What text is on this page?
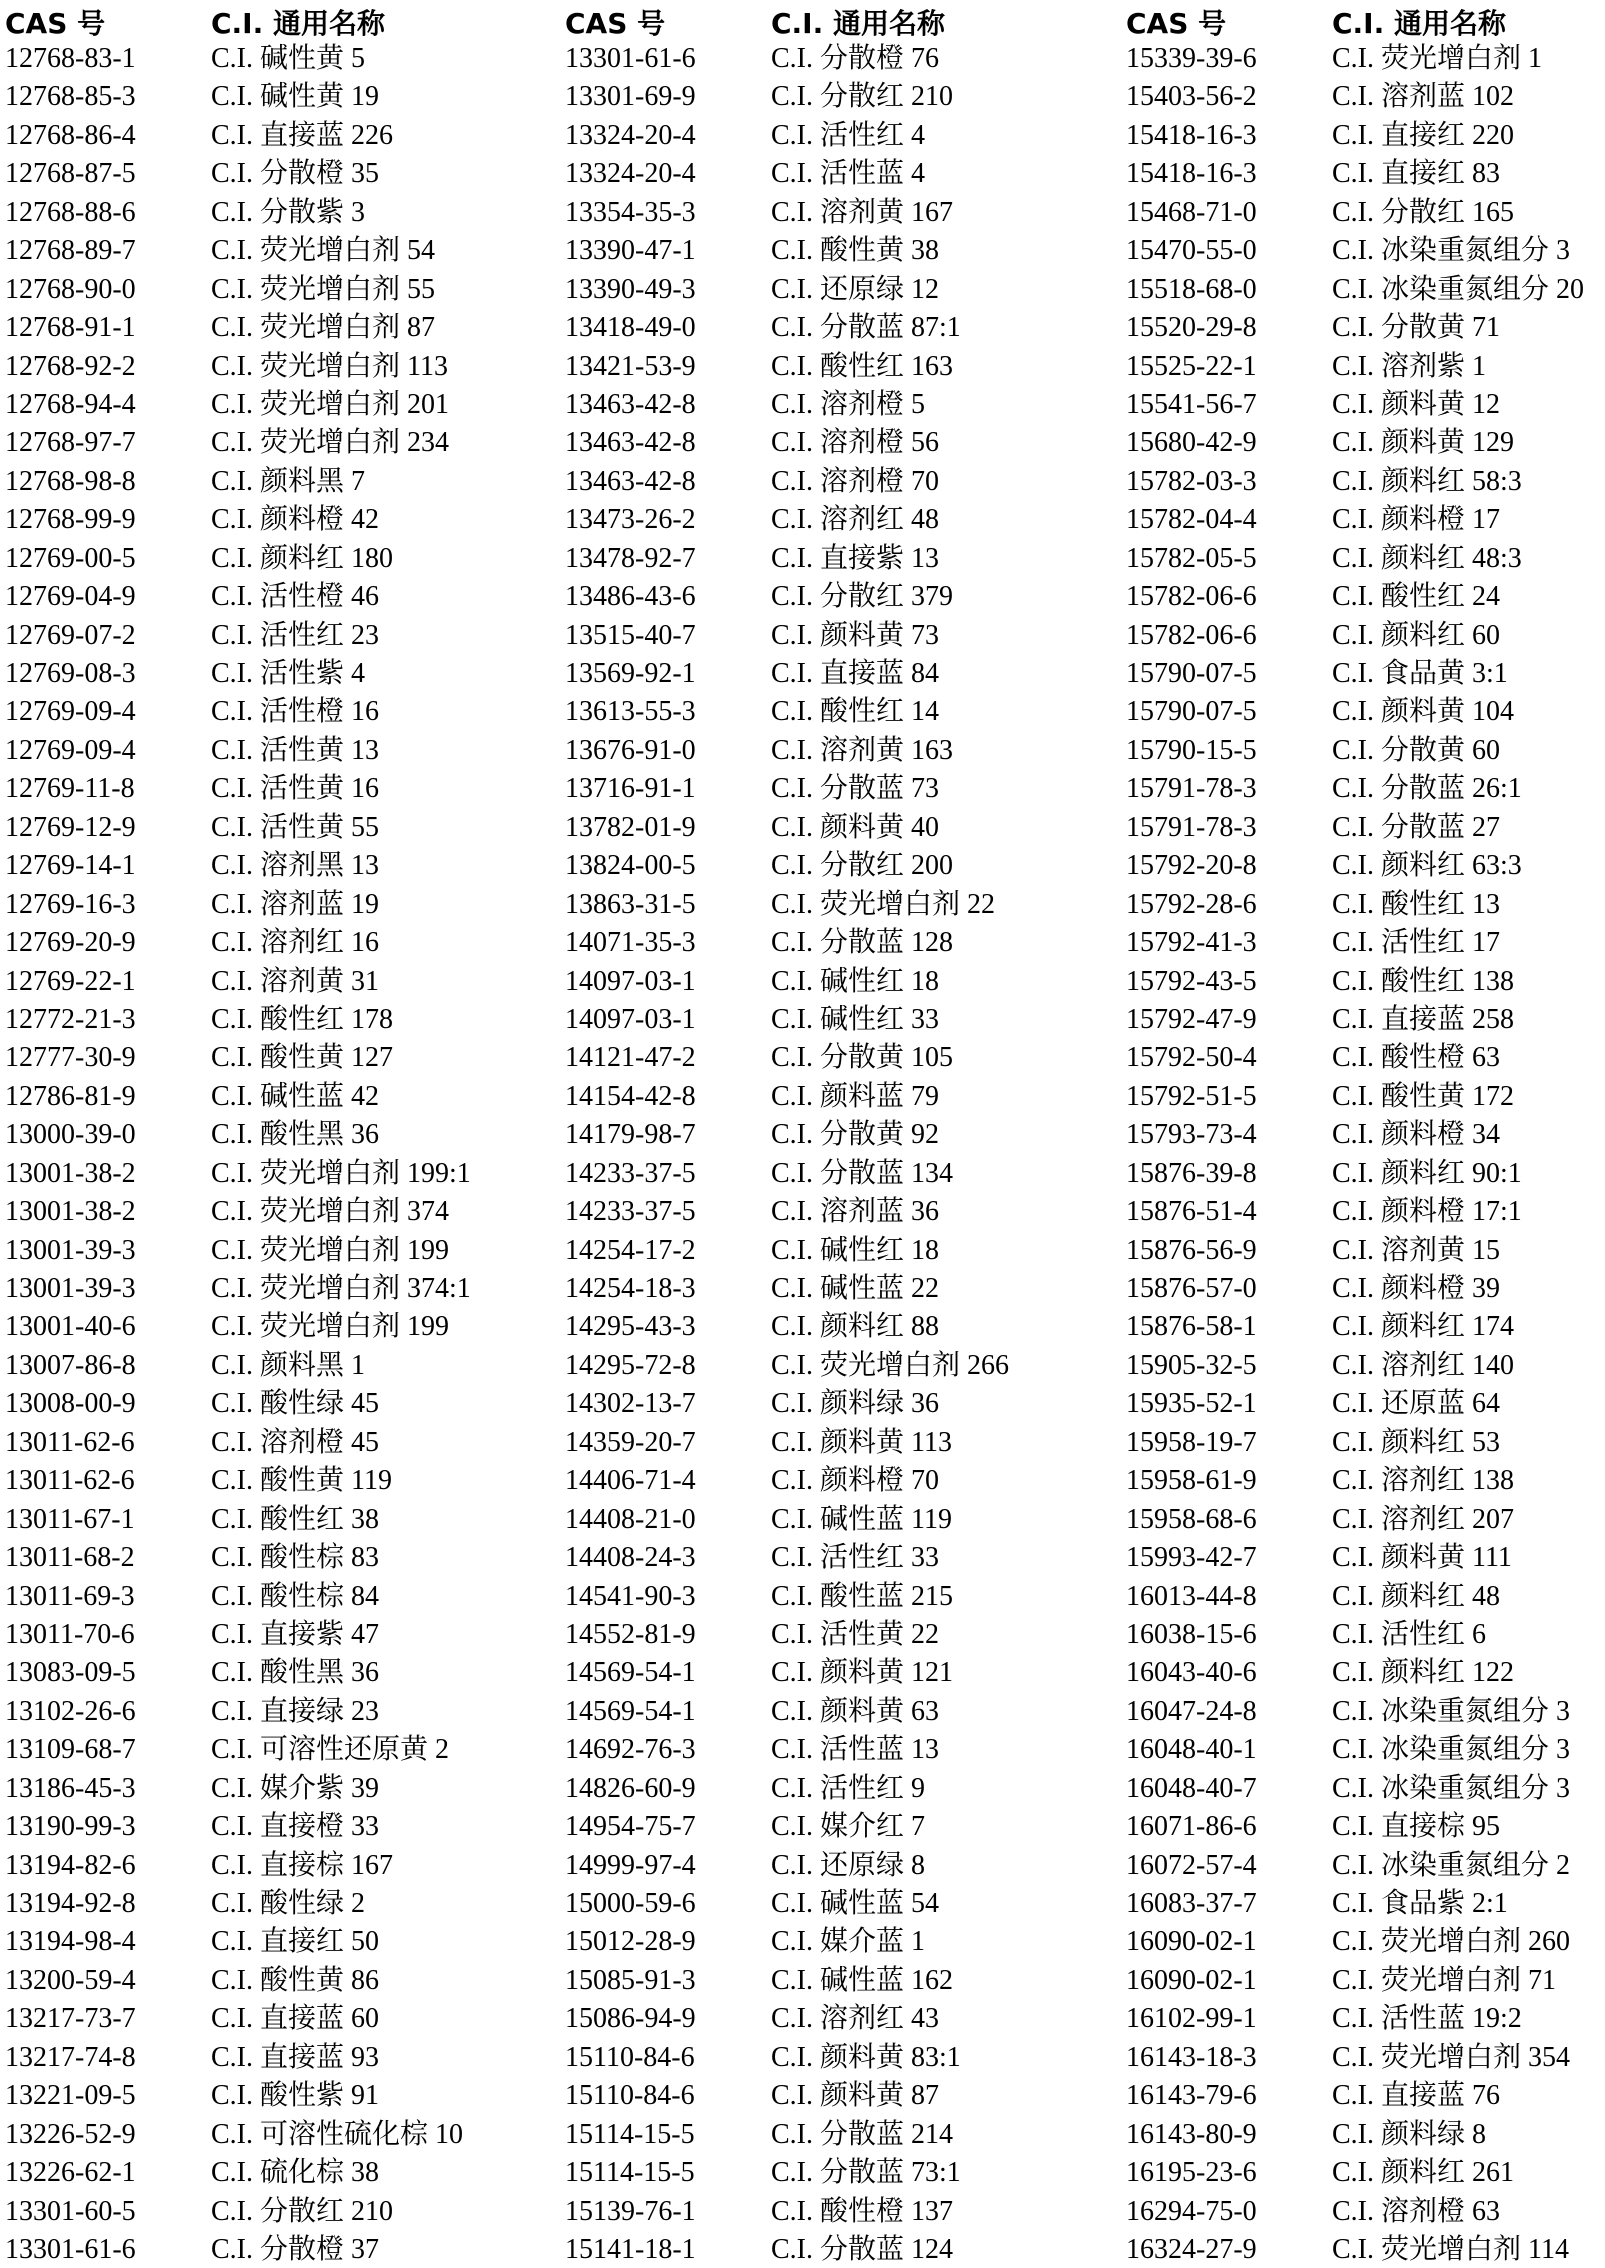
CAS 号	C.I. 通用名称
12768-83-1	C.I. 碱性黄 5
12768-85-3	C.I. 碱性黄 19
12768-86-4	C.I. 直接蓝 226
12768-87-5	C.I. 分散橙 35
12768-88-6	C.I. 分散紫 3
12768-89-7	C.I. 荧光增白剂 54
12768-90-0	C.I. 荧光增白剂 55
12768-91-1	C.I. 荧光增白剂 87
12768-92-2	C.I. 荧光增白剂 113
12768-94-4	C.I. 荧光增白剂 201
12768-97-7	C.I. 荧光增白剂 234
12768-98-8	C.I. 颜料黑 7
12768-99-9	C.I. 颜料橙 42
12769-00-5	C.I. 颜料红 180
12769-04-9	C.I. 活性橙 46
12769-07-2	C.I. 活性红 23
12769-08-3	C.I. 活性紫 4
12769-09-4	C.I. 活性橙 16
12769-09-4	C.I. 活性黄 13
12769-11-8	C.I. 活性黄 16
12769-12-9	C.I. 活性黄 55
12769-14-1	C.I. 溶剂黑 13
12769-16-3	C.I. 溶剂蓝 19
12769-20-9	C.I. 溶剂红 16
12769-22-1	C.I. 溶剂黄 31
12772-21-3	C.I. 酸性红 178
12777-30-9	C.I. 酸性黄 127
12786-81-9	C.I. 碱性蓝 42
13000-39-0	C.I. 酸性黑 36
13001-38-2	C.I. 荧光增白剂 199:1
13001-38-2	C.I. 荧光增白剂 374
13001-39-3	C.I. 荧光增白剂 199
13001-39-3	C.I. 荧光增白剂 374:1
13001-40-6	C.I. 荧光增白剂 199
13007-86-8	C.I. 颜料黑 1
13008-00-9	C.I. 酸性绿 45
13011-62-6	C.I. 溶剂橙 45
13011-62-6	C.I. 酸性黄 119
13011-67-1	C.I. 酸性红 38
13011-68-2	C.I. 酸性棕 83
13011-69-3	C.I. 酸性棕 84
13011-70-6	C.I. 直接紫 47
13083-09-5	C.I. 酸性黑 36
13102-26-6	C.I. 直接绿 23
13109-68-7	C.I. 可溶性还原黄 2
13186-45-3	C.I. 媒介紫 39
13190-99-3	C.I. 直接橙 33
13194-82-6	C.I. 直接棕 167
13194-92-8	C.I. 酸性绿 2
13194-98-4	C.I. 直接红 50
13200-59-4	C.I. 酸性黄 86
13217-73-7	C.I. 直接蓝 60
13217-74-8	C.I. 直接蓝 93
13221-09-5	C.I. 酸性紫 91
13226-52-9	C.I. 可溶性硫化棕 10
13226-62-1	C.I. 硫化棕 38
13301-60-5	C.I. 分散红 210
13301-61-6	C.I. 分散橙 37
CAS 号	C.I. 通用名称
13301-61-6	C.I. 分散橙 76
13301-69-9	C.I. 分散红 210
13324-20-4	C.I. 活性红 4
13324-20-4	C.I. 活性蓝 4
13354-35-3	C.I. 溶剂黄 167
13390-47-1	C.I. 酸性黄 38
13390-49-3	C.I. 还原绿 12
13418-49-0	C.I. 分散蓝 87:1
13421-53-9	C.I. 酸性红 163
13463-42-8	C.I. 溶剂橙 5
13463-42-8	C.I. 溶剂橙 56
13463-42-8	C.I. 溶剂橙 70
13473-26-2	C.I. 溶剂红 48
13478-92-7	C.I. 直接紫 13
13486-43-6	C.I. 分散红 379
13515-40-7	C.I. 颜料黄 73
13569-92-1	C.I. 直接蓝 84
13613-55-3	C.I. 酸性红 14
13676-91-0	C.I. 溶剂黄 163
13716-91-1	C.I. 分散蓝 73
13782-01-9	C.I. 颜料黄 40
13824-00-5	C.I. 分散红 200
13863-31-5	C.I. 荧光增白剂 22
14071-35-3	C.I. 分散蓝 128
14097-03-1	C.I. 碱性红 18
14097-03-1	C.I. 碱性红 33
14121-47-2	C.I. 分散黄 105
14154-42-8	C.I. 颜料蓝 79
14179-98-7	C.I. 分散黄 92
14233-37-5	C.I. 分散蓝 134
14233-37-5	C.I. 溶剂蓝 36
14254-17-2	C.I. 碱性红 18
14254-18-3	C.I. 碱性蓝 22
14295-43-3	C.I. 颜料红 88
14295-72-8	C.I. 荧光增白剂 266
14302-13-7	C.I. 颜料绿 36
14359-20-7	C.I. 颜料黄 113
14406-71-4	C.I. 颜料橙 70
14408-21-0	C.I. 碱性蓝 119
14408-24-3	C.I. 活性红 33
14541-90-3	C.I. 酸性蓝 215
14552-81-9	C.I. 活性黄 22
14569-54-1	C.I. 颜料黄 121
14569-54-1	C.I. 颜料黄 63
14692-76-3	C.I. 活性蓝 13
14826-60-9	C.I. 活性红 9
14954-75-7	C.I. 媒介红 7
14999-97-4	C.I. 还原绿 8
15000-59-6	C.I. 碱性蓝 54
15012-28-9	C.I. 媒介蓝 1
15085-91-3	C.I. 碱性蓝 162
15086-94-9	C.I. 溶剂红 43
15110-84-6	C.I. 颜料黄 83:1
15110-84-6	C.I. 颜料黄 87
15114-15-5	C.I. 分散蓝 214
15114-15-5	C.I. 分散蓝 73:1
15139-76-1	C.I. 酸性橙 137
15141-18-1	C.I. 分散蓝 124
CAS 号	C.I. 通用名称
15339-39-6	C.I. 荧光增白剂 1
15403-56-2	C.I. 溶剂蓝 102
15418-16-3	C.I. 直接红 220
15418-16-3	C.I. 直接红 83
15468-71-0	C.I. 分散红 165
15470-55-0	C.I. 冰染重氮组分 3
15518-68-0	C.I. 冰染重氮组分 20
15520-29-8	C.I. 分散黄 71
15525-22-1	C.I. 溶剂紫 1
15541-56-7	C.I. 颜料黄 12
15680-42-9	C.I. 颜料黄 129
15782-03-3	C.I. 颜料红 58:3
15782-04-4	C.I. 颜料橙 17
15782-05-5	C.I. 颜料红 48:3
15782-06-6	C.I. 酸性红 24
15782-06-6	C.I. 颜料红 60
15790-07-5	C.I. 食品黄 3:1
15790-07-5	C.I. 颜料黄 104
15790-15-5	C.I. 分散黄 60
15791-78-3	C.I. 分散蓝 26:1
15791-78-3	C.I. 分散蓝 27
15792-20-8	C.I. 颜料红 63:3
15792-28-6	C.I. 酸性红 13
15792-41-3	C.I. 活性红 17
15792-43-5	C.I. 酸性红 138
15792-47-9	C.I. 直接蓝 258
15792-50-4	C.I. 酸性橙 63
15792-51-5	C.I. 酸性黄 172
15793-73-4	C.I. 颜料橙 34
15876-39-8	C.I. 颜料红 90:1
15876-51-4	C.I. 颜料橙 17:1
15876-56-9	C.I. 溶剂黄 15
15876-57-0	C.I. 颜料橙 39
15876-58-1	C.I. 颜料红 174
15905-32-5	C.I. 溶剂红 140
15935-52-1	C.I. 还原蓝 64
15958-19-7	C.I. 颜料红 53
15958-61-9	C.I. 溶剂红 138
15958-68-6	C.I. 溶剂红 207
15993-42-7	C.I. 颜料黄 111
16013-44-8	C.I. 颜料红 48
16038-15-6	C.I. 活性红 6
16043-40-6	C.I. 颜料红 122
16047-24-8	C.I. 冰染重氮组分 3
16048-40-1	C.I. 冰染重氮组分 3
16048-40-7	C.I. 冰染重氮组分 3
16071-86-6	C.I. 直接棕 95
16072-57-4	C.I. 冰染重氮组分 2
16083-37-7	C.I. 食品紫 2:1
16090-02-1	C.I. 荧光增白剂 260
16090-02-1	C.I. 荧光增白剂 71
16102-99-1	C.I. 活性蓝 19:2
16143-18-3	C.I. 荧光增白剂 354
16143-79-6	C.I. 直接蓝 76
16143-80-9	C.I. 颜料绿 8
16195-23-6	C.I. 颜料红 261
16294-75-0	C.I. 溶剂橙 63
16324-27-9	C.I. 荧光增白剂 114
